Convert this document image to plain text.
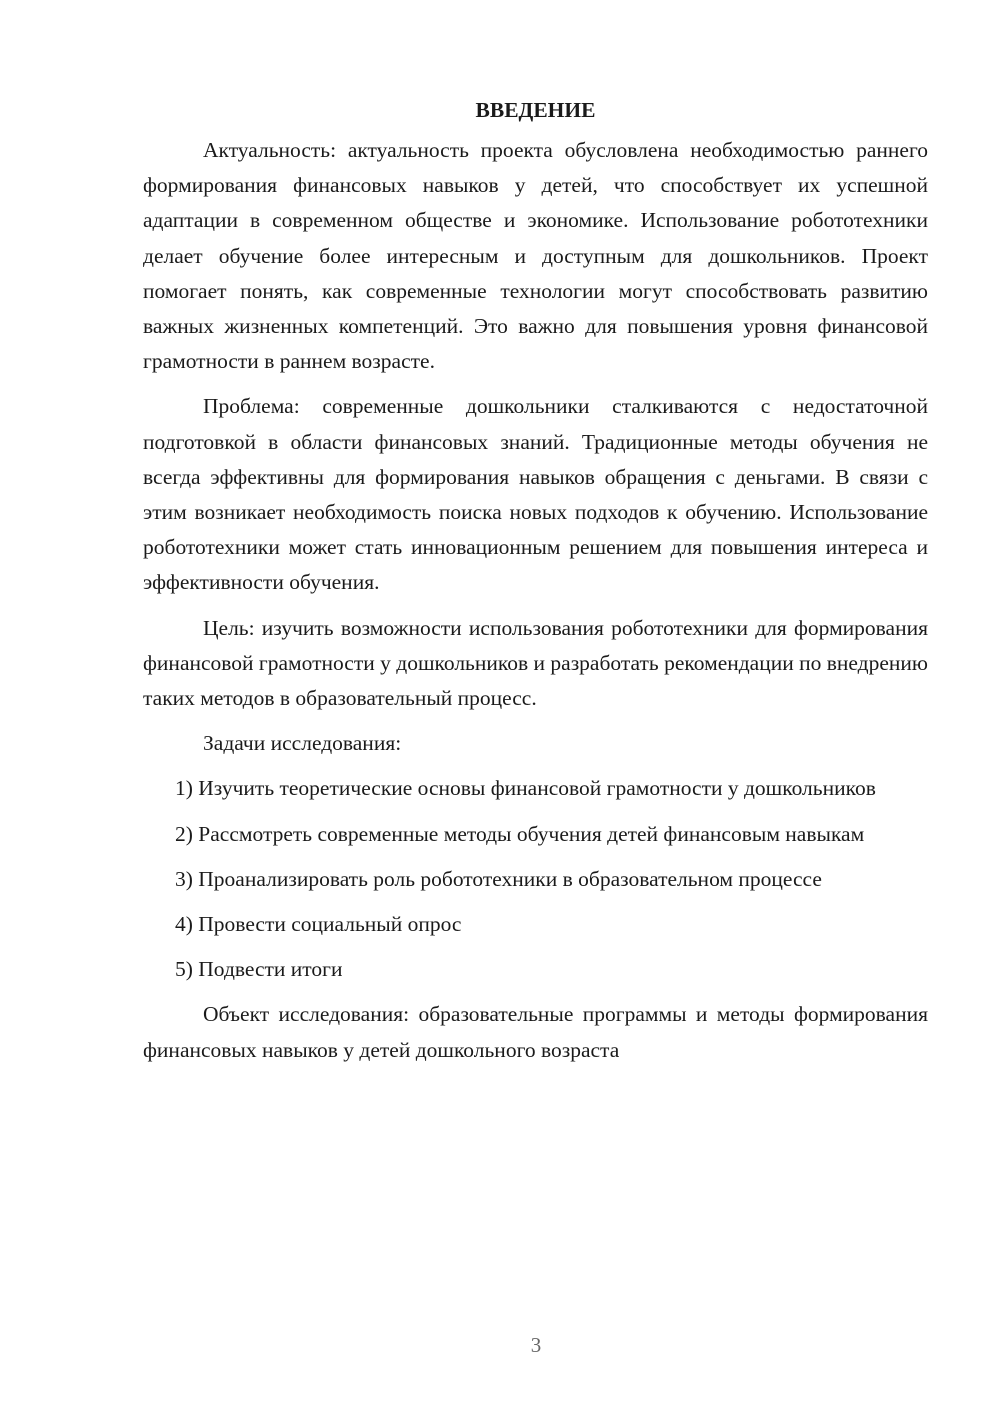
ВВЕДЕНИЕ

Актуальность: актуальность проекта обусловлена необходимостью раннего формирования финансовых навыков у детей, что способствует их успешной адаптации в современном обществе и экономике. Использование робототехники делает обучение более интересным и доступным для дошкольников. Проект помогает понять, как современные технологии могут способствовать развитию важных жизненных компетенций. Это важно для повышения уровня финансовой грамотности в раннем возрасте.

Проблема: современные дошкольники сталкиваются с недостаточной подготовкой в области финансовых знаний. Традиционные методы обучения не всегда эффективны для формирования навыков обращения с деньгами. В связи с этим возникает необходимость поиска новых подходов к обучению. Использование робототехники может стать инновационным решением для повышения интереса и эффективности обучения.

Цель: изучить возможности использования робототехники для формирования финансовой грамотности у дошкольников и разработать рекомендации по внедрению таких методов в образовательный процесс.

Задачи исследования:

1) Изучить теоретические основы финансовой грамотности у дошкольников

2) Рассмотреть современные методы обучения детей финансовым навыкам

3) Проанализировать роль робототехники в образовательном процессе

4) Провести социальный опрос

5) Подвести итоги

Объект исследования: образовательные программы и методы формирования финансовых навыков у детей дошкольного возраста

3
